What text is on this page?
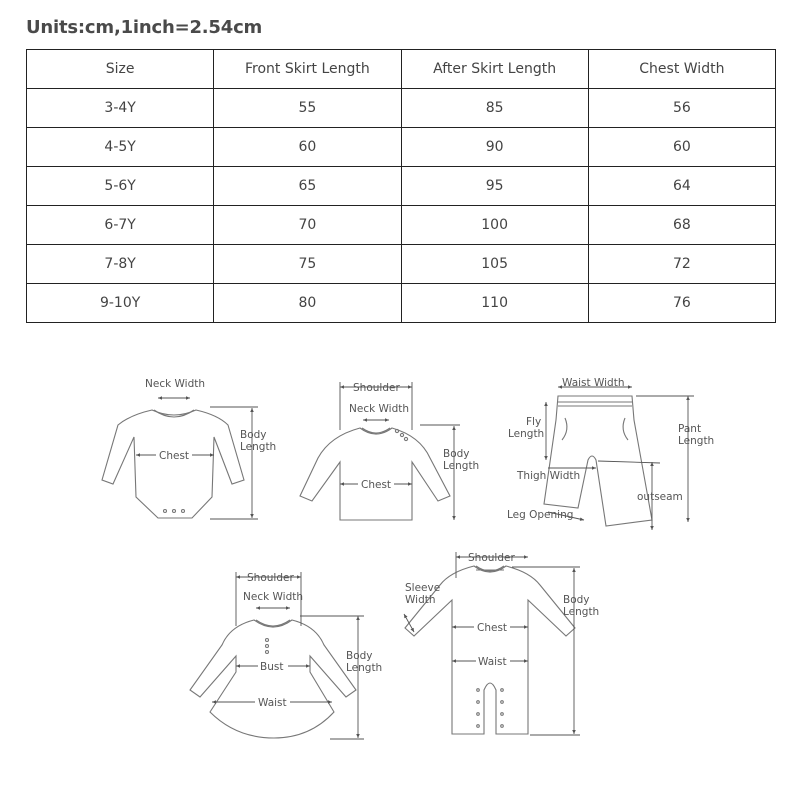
Units:cm,1inch=2.54cm
Size	Front Skirt Length	After Skirt Length	Chest Width
3-4Y	55	85	56
4-5Y	60	90	60
5-6Y	65	95	64
6-7Y	70	100	68
7-8Y	75	105	72
9-10Y	80	110	76
Neck Width
Chest
Body
Length
Shoulder
Neck Width
Chest
Body
Length
Waist Width
Fly
Length	Pant
Length
Thigh Width
outseam
Leg Opening
Shoulder
Neck Width
Bust
Waist
Body
Length
Shoulder
Sleeve
Width
Chest
Waist
Body
Length
